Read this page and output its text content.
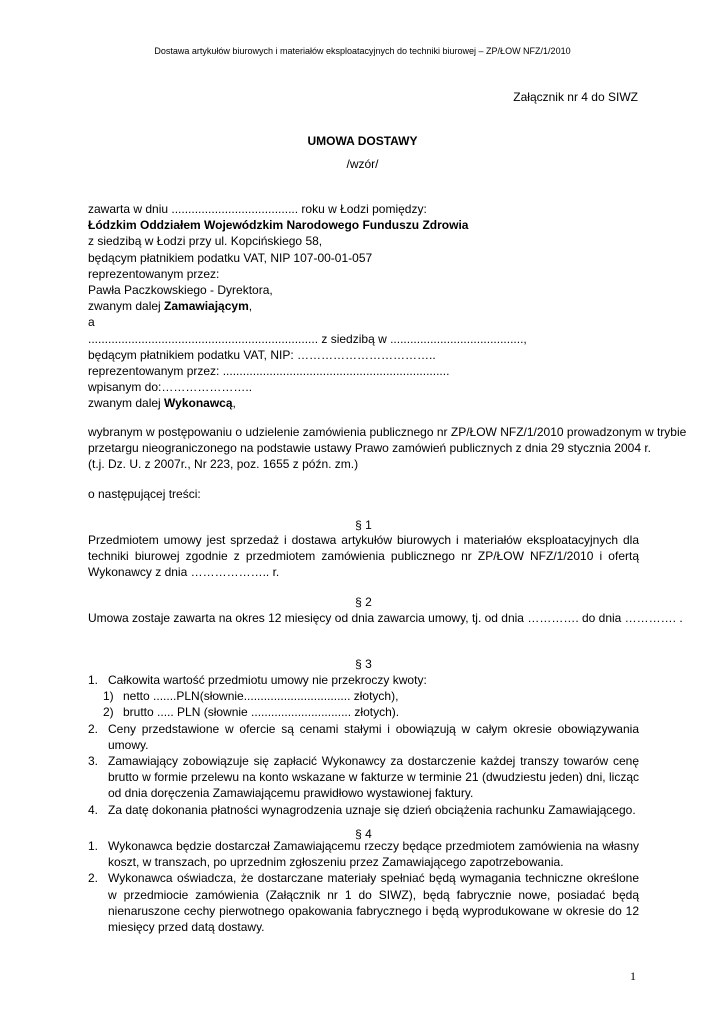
Dostawa artykułów biurowych i materiałów eksploatacyjnych do techniki biurowej – ZP/ŁOW NFZ/1/2010
Załącznik nr 4 do SIWZ
UMOWA DOSTAWY
/wzór/
zawarta w dniu ...................................... roku w Łodzi pomiędzy:
Łódzkim Oddziałem Wojewódzkim Narodowego Funduszu Zdrowia
z siedzibą w Łodzi przy ul. Kopcińskiego 58,
będącym płatnikiem podatku VAT, NIP 107-00-01-057
reprezentowanym przez:
Pawła Paczkowskiego - Dyrektora,
zwanym dalej Zamawiającym,
a
..................................................................... z siedzibą w ........................................,
będącym płatnikiem podatku VAT, NIP: ……………………………..
reprezentowanym przez: ....................................................................
wpisanym do:…………………..
zwanym dalej Wykonawcą,
wybranym w postępowaniu o udzielenie zamówienia publicznego nr ZP/ŁOW NFZ/1/2010 prowadzonym w trybie
przetargu nieograniczonego na podstawie ustawy Prawo zamówień publicznych z dnia 29 stycznia 2004 r.
(t.j. Dz. U. z 2007r., Nr 223, poz. 1655 z późn. zm.)
o następującej treści:
§ 1
Przedmiotem umowy jest sprzedaż i dostawa artykułów biurowych i materiałów eksploatacyjnych dla techniki biurowej zgodnie z przedmiotem zamówienia publicznego nr ZP/ŁOW NFZ/1/2010 i ofertą Wykonawcy z dnia ……………….. r.
§ 2
Umowa zostaje zawarta na okres 12 miesięcy od dnia zawarcia umowy, tj. od dnia …………. do dnia …………. .
§ 3
1. Całkowita wartość przedmiotu umowy nie przekroczy kwoty:
1) netto .......PLN(słownie................................ złotych),
2) brutto ..... PLN (słownie .............................. złotych).
2. Ceny przedstawione w ofercie są cenami stałymi i obowiązują w całym okresie obowiązywania umowy.
3. Zamawiający zobowiązuje się zapłacić Wykonawcy za dostarczenie każdej transzy towarów cenę brutto w formie przelewu na konto wskazane w fakturze w terminie 21 (dwudziestu jeden) dni, licząc od dnia doręczenia Zamawiającemu prawidłowo wystawionej faktury.
4. Za datę dokonania płatności wynagrodzenia uznaje się dzień obciążenia rachunku Zamawiającego.
§ 4
1. Wykonawca będzie dostarczał Zamawiającemu rzeczy będące przedmiotem zamówienia na własny koszt, w transzach, po uprzednim zgłoszeniu przez Zamawiającego zapotrzebowania.
2. Wykonawca oświadcza, że dostarczane materiały spełniać będą wymagania techniczne określone w przedmiocie zamówienia (Załącznik nr 1 do SIWZ), będą fabrycznie nowe, posiadać będą nienaruszone cechy pierwotnego opakowania fabrycznego i będą wyprodukowane w okresie do 12 miesięcy przed datą dostawy.
1
